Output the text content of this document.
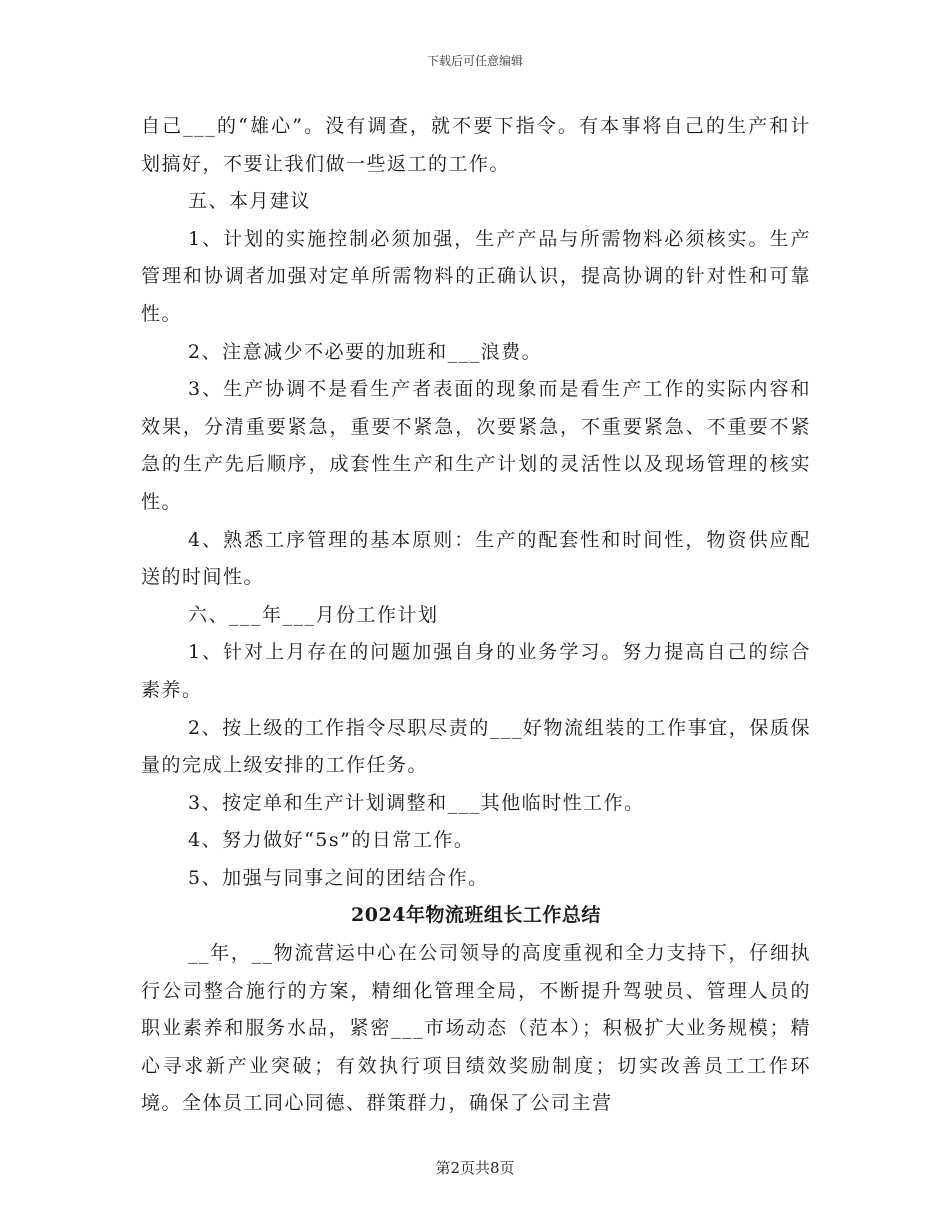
下载后可任意编辑

自己___的“雄心”。没有调查，就不要下指令。有本事将自己的生产和计划搞好，不要让我们做一些返工的工作。

五、本月建议

1、计划的实施控制必须加强，生产产品与所需物料必须核实。生产管理和协调者加强对定单所需物料的正确认识，提高协调的针对性和可靠性。

2、注意减少不必要的加班和___浪费。

3、生产协调不是看生产者表面的现象而是看生产工作的实际内容和效果，分清重要紧急，重要不紧急，次要紧急，不重要紧急、不重要不紧急的生产先后顺序，成套性生产和生产计划的灵活性以及现场管理的核实性。

4、熟悉工序管理的基本原则：生产的配套性和时间性，物资供应配送的时间性。

六、___年___月份工作计划

1、针对上月存在的问题加强自身的业务学习。努力提高自己的综合素养。

2、按上级的工作指令尽职尽责的___好物流组装的工作事宜，保质保量的完成上级安排的工作任务。

3、按定单和生产计划调整和___其他临时性工作。

4、努力做好“5s”的日常工作。

5、加强与同事之间的团结合作。

2024年物流班组长工作总结

__年，__物流营运中心在公司领导的高度重视和全力支持下，仔细执行公司整合施行的方案，精细化管理全局，不断提升驾驶员、管理人员的职业素养和服务水品，紧密___市场动态（范本）；积极扩大业务规模；精心寻求新产业突破；有效执行项目绩效奖励制度；切实改善员工工作环境。全体员工同心同德、群策群力，确保了公司主营

第2页共8页
